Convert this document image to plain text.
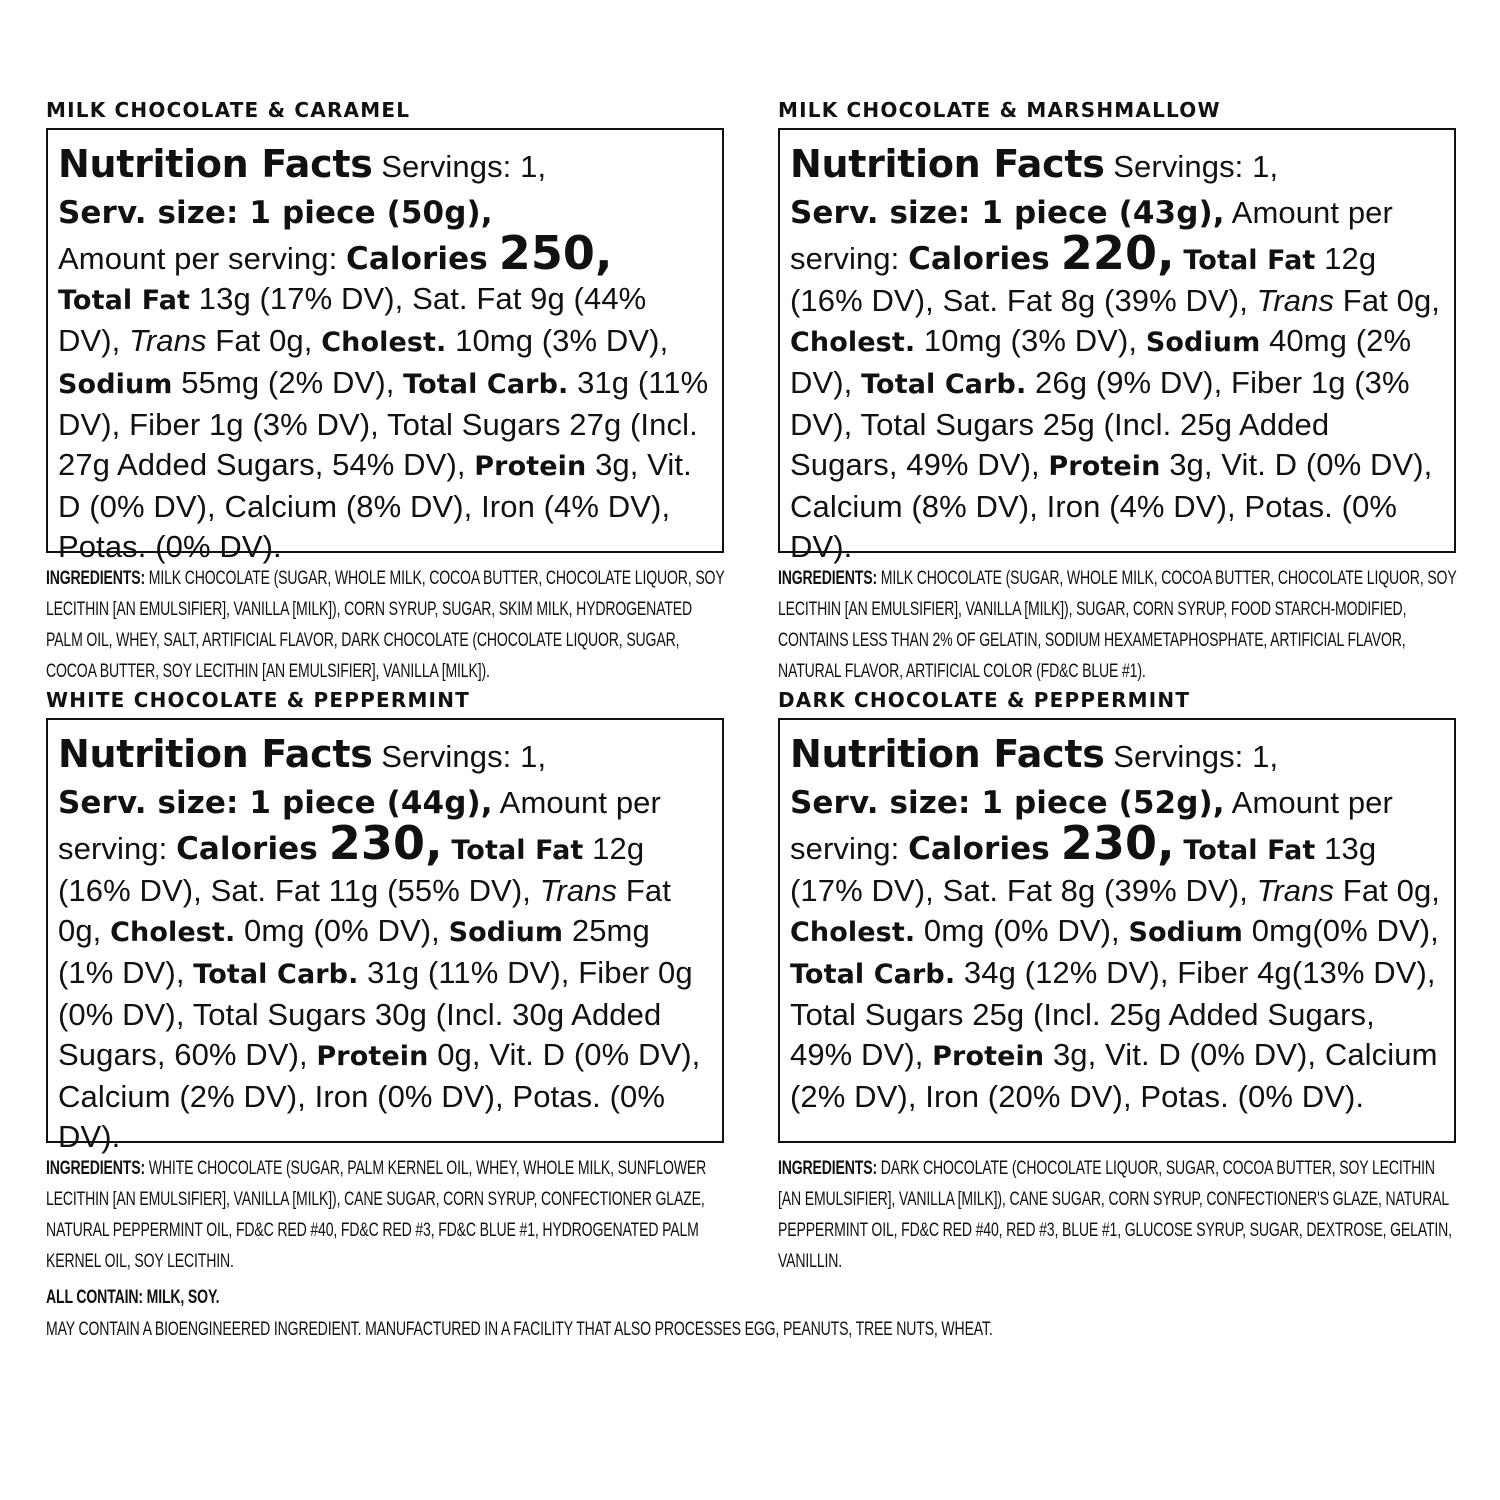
MILK CHOCOLATE & CARAMEL
Nutrition Facts Servings: 1,
Serv. size: 1 piece (50g),
Amount per serving: Calories 250,
Total Fat 13g (17% DV), Sat. Fat 9g (44% DV), Trans Fat 0g, Cholest. 10mg (3% DV), Sodium 55mg (2% DV), Total Carb. 31g (11% DV), Fiber 1g (3% DV), Total Sugars 27g (Incl. 27g Added Sugars, 54% DV), Protein 3g, Vit. D (0% DV), Calcium (8% DV), Iron (4% DV), Potas. (0% DV).
INGREDIENTS: MILK CHOCOLATE (SUGAR, WHOLE MILK, COCOA BUTTER, CHOCOLATE LIQUOR, SOY LECITHIN [AN EMULSIFIER], VANILLA [MILK]), CORN SYRUP, SUGAR, SKIM MILK, HYDROGENATED PALM OIL, WHEY, SALT, ARTIFICIAL FLAVOR, DARK CHOCOLATE (CHOCOLATE LIQUOR, SUGAR, COCOA BUTTER, SOY LECITHIN [AN EMULSIFIER], VANILLA [MILK]).
MILK CHOCOLATE & MARSHMALLOW
Nutrition Facts Servings: 1,
Serv. size: 1 piece (43g), Amount per serving: Calories 220, Total Fat 12g (16% DV), Sat. Fat 8g (39% DV), Trans Fat 0g, Cholest. 10mg (3% DV), Sodium 40mg (2% DV), Total Carb. 26g (9% DV), Fiber 1g (3% DV), Total Sugars 25g (Incl. 25g Added Sugars, 49% DV), Protein 3g, Vit. D (0% DV), Calcium (8% DV), Iron (4% DV), Potas. (0% DV).
INGREDIENTS: MILK CHOCOLATE (SUGAR, WHOLE MILK, COCOA BUTTER, CHOCOLATE LIQUOR, SOY LECITHIN [AN EMULSIFIER], VANILLA [MILK]), SUGAR, CORN SYRUP, FOOD STARCH-MODIFIED, CONTAINS LESS THAN 2% OF GELATIN, SODIUM HEXAMETAPHOSPHATE, ARTIFICIAL FLAVOR, NATURAL FLAVOR, ARTIFICIAL COLOR (FD&C BLUE #1).
WHITE CHOCOLATE & PEPPERMINT
Nutrition Facts Servings: 1,
Serv. size: 1 piece (44g), Amount per serving: Calories 230, Total Fat 12g (16% DV), Sat. Fat 11g (55% DV), Trans Fat 0g, Cholest. 0mg (0% DV), Sodium 25mg (1% DV), Total Carb. 31g (11% DV), Fiber 0g (0% DV), Total Sugars 30g (Incl. 30g Added Sugars, 60% DV), Protein 0g, Vit. D (0% DV), Calcium (2% DV), Iron (0% DV), Potas. (0% DV).
INGREDIENTS: WHITE CHOCOLATE (SUGAR, PALM KERNEL OIL, WHEY, WHOLE MILK, SUNFLOWER LECITHIN [AN EMULSIFIER], VANILLA [MILK]), CANE SUGAR, CORN SYRUP, CONFECTIONER GLAZE, NATURAL PEPPERMINT OIL, FD&C RED #40, FD&C RED #3, FD&C BLUE #1, HYDROGENATED PALM KERNEL OIL, SOY LECITHIN.
DARK CHOCOLATE & PEPPERMINT
Nutrition Facts Servings: 1,
Serv. size: 1 piece (52g), Amount per serving: Calories 230, Total Fat 13g (17% DV), Sat. Fat 8g (39% DV), Trans Fat 0g, Cholest. 0mg (0% DV), Sodium 0mg(0% DV), Total Carb. 34g (12% DV), Fiber 4g(13% DV), Total Sugars 25g (Incl. 25g Added Sugars, 49% DV), Protein 3g, Vit. D (0% DV), Calcium (2% DV), Iron (20% DV), Potas. (0% DV).
INGREDIENTS: DARK CHOCOLATE (CHOCOLATE LIQUOR, SUGAR, COCOA BUTTER, SOY LECITHIN [AN EMULSIFIER], VANILLA [MILK]), CANE SUGAR, CORN SYRUP, CONFECTIONER'S GLAZE, NATURAL PEPPERMINT OIL, FD&C RED #40, RED #3, BLUE #1, GLUCOSE SYRUP, SUGAR, DEXTROSE, GELATIN, VANILLIN.
ALL CONTAIN: MILK, SOY.
MAY CONTAIN A BIOENGINEERED INGREDIENT. MANUFACTURED IN A FACILITY THAT ALSO PROCESSES EGG, PEANUTS, TREE NUTS, WHEAT.
